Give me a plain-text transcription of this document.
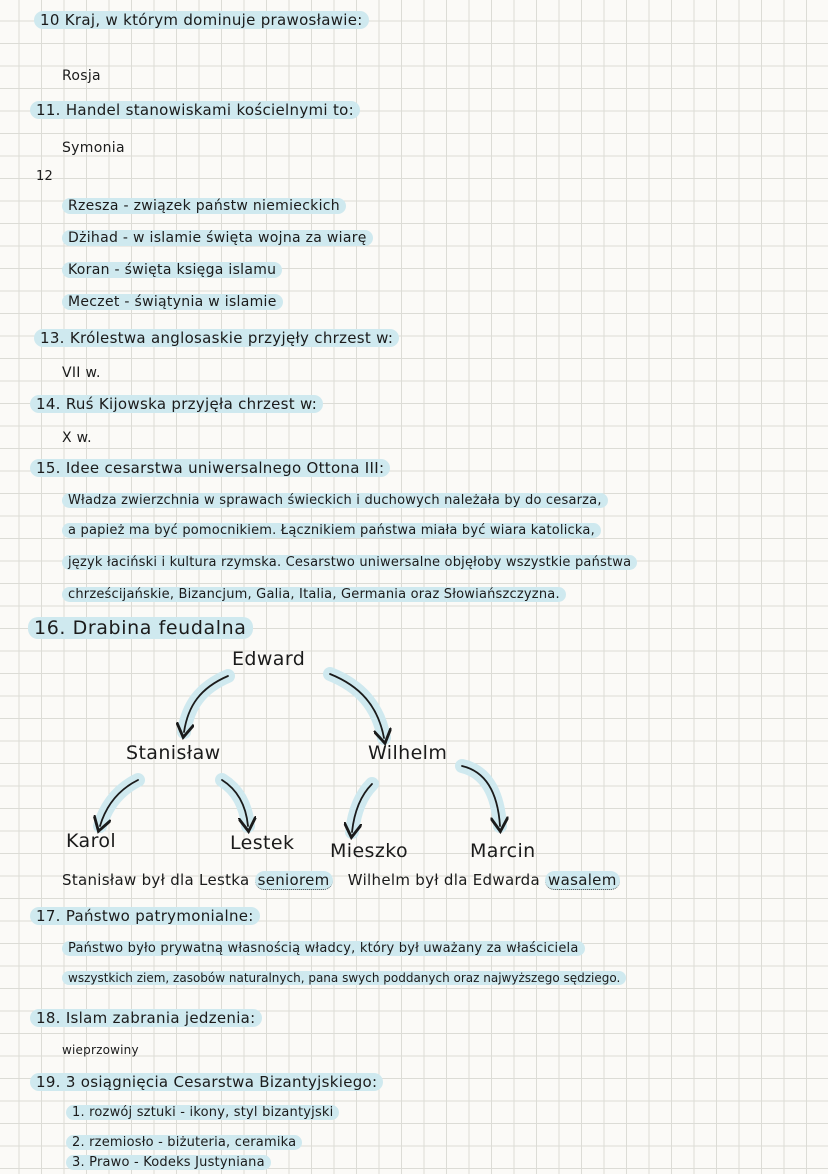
10 Kraj, w którym dominuje prawosławie:
Rosja
11. Handel stanowiskami kościelnymi to:
Symonia
12
Rzesza - związek państw niemieckich
Dżihad - w islamie święta wojna za wiarę
Koran - święta księga islamu
Meczet - świątynia w islamie
13. Królestwa anglosaskie przyjęły chrzest w:
VII w.
14. Ruś Kijowska przyjęła chrzest w:
X w.
15. Idee cesarstwa uniwersalnego Ottona III:
Władza zwierzchnia w sprawach świeckich i duchowych należała by do cesarza,
a papież ma być pomocnikiem. Łącznikiem państwa miała być wiara katolicka,
język łaciński i kultura rzymska. Cesarstwo uniwersalne objęłoby wszystkie państwa
chrześcijańskie, Bizancjum, Galia, Italia, Germania oraz Słowiańszczyzna.
16. Drabina feudalna
Edward
Stanisław	Wilhelm
Karol	Lestek Mieszko	Marcin
Stanisław był dla Lestka seniorem Wilhelm był dla Edwarda wasalem
17. Państwo patrymonialne:
Państwo było prywatną własnością władcy, który był uważany za właściciela
wszystkich ziem, zasobów naturalnych, pana swych poddanych oraz najwyższego sędziego.
18. Islam zabrania jedzenia:
wieprzowiny
19. 3 osiągnięcia Cesarstwa Bizantyjskiego:
1. rozwój sztuki - ikony, styl bizantyjski
2. rzemiosło - biżuteria, ceramika
3. Prawo - Kodeks Justyniana
